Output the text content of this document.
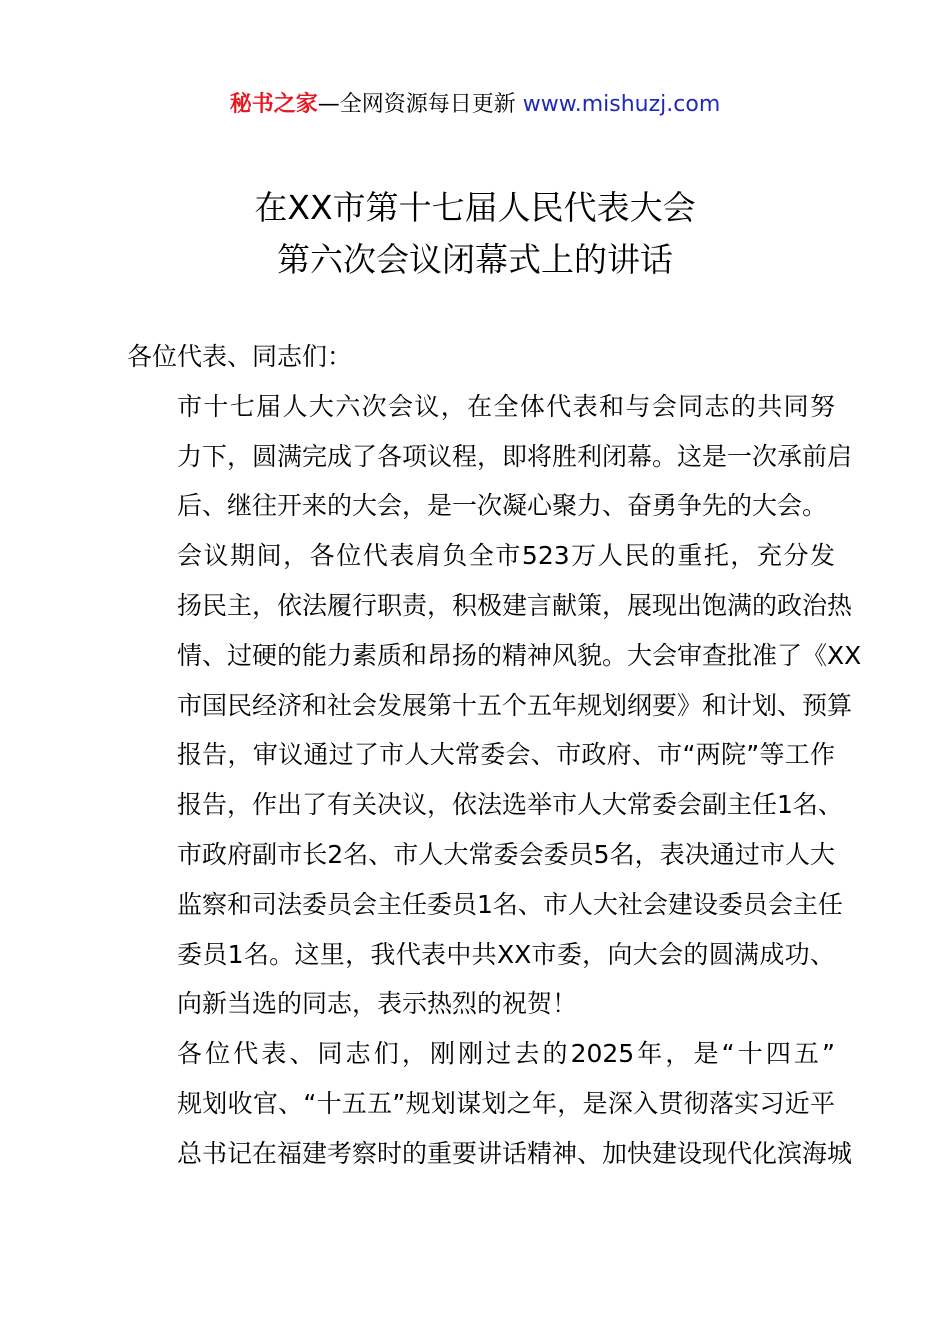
秘书之家—全网资源每日更新 www.mishuzj.com
在XX市第十七届人民代表大会
第六次会议闭幕式上的讲话

各位代表、同志们：

市十七届人大六次会议，在全体代表和与会同志的共同努
力下，圆满完成了各项议程，即将胜利闭幕。这是一次承前启
后、继往开来的大会，是一次凝心聚力、奋勇争先的大会。

会议期间，各位代表肩负全市523万人民的重托，充分发
扬民主，依法履行职责，积极建言献策，展现出饱满的政治热
情、过硬的能力素质和昂扬的精神风貌。大会审查批准了《XX
市国民经济和社会发展第十五个五年规划纲要》和计划、预算
报告，审议通过了市人大常委会、市政府、市“两院”等工作
报告，作出了有关决议，依法选举市人大常委会副主任1名、
市政府副市长2名、市人大常委会委员5名，表决通过市人大
监察和司法委员会主任委员1名、市人大社会建设委员会主任
委员1名。这里，我代表中共XX市委，向大会的圆满成功、
向新当选的同志，表示热烈的祝贺！

各位代表、同志们，刚刚过去的2025年，是“十四五”
规划收官、“十五五”规划谋划之年，是深入贯彻落实习近平
总书记在福建考察时的重要讲话精神、加快建设现代化滨海城
